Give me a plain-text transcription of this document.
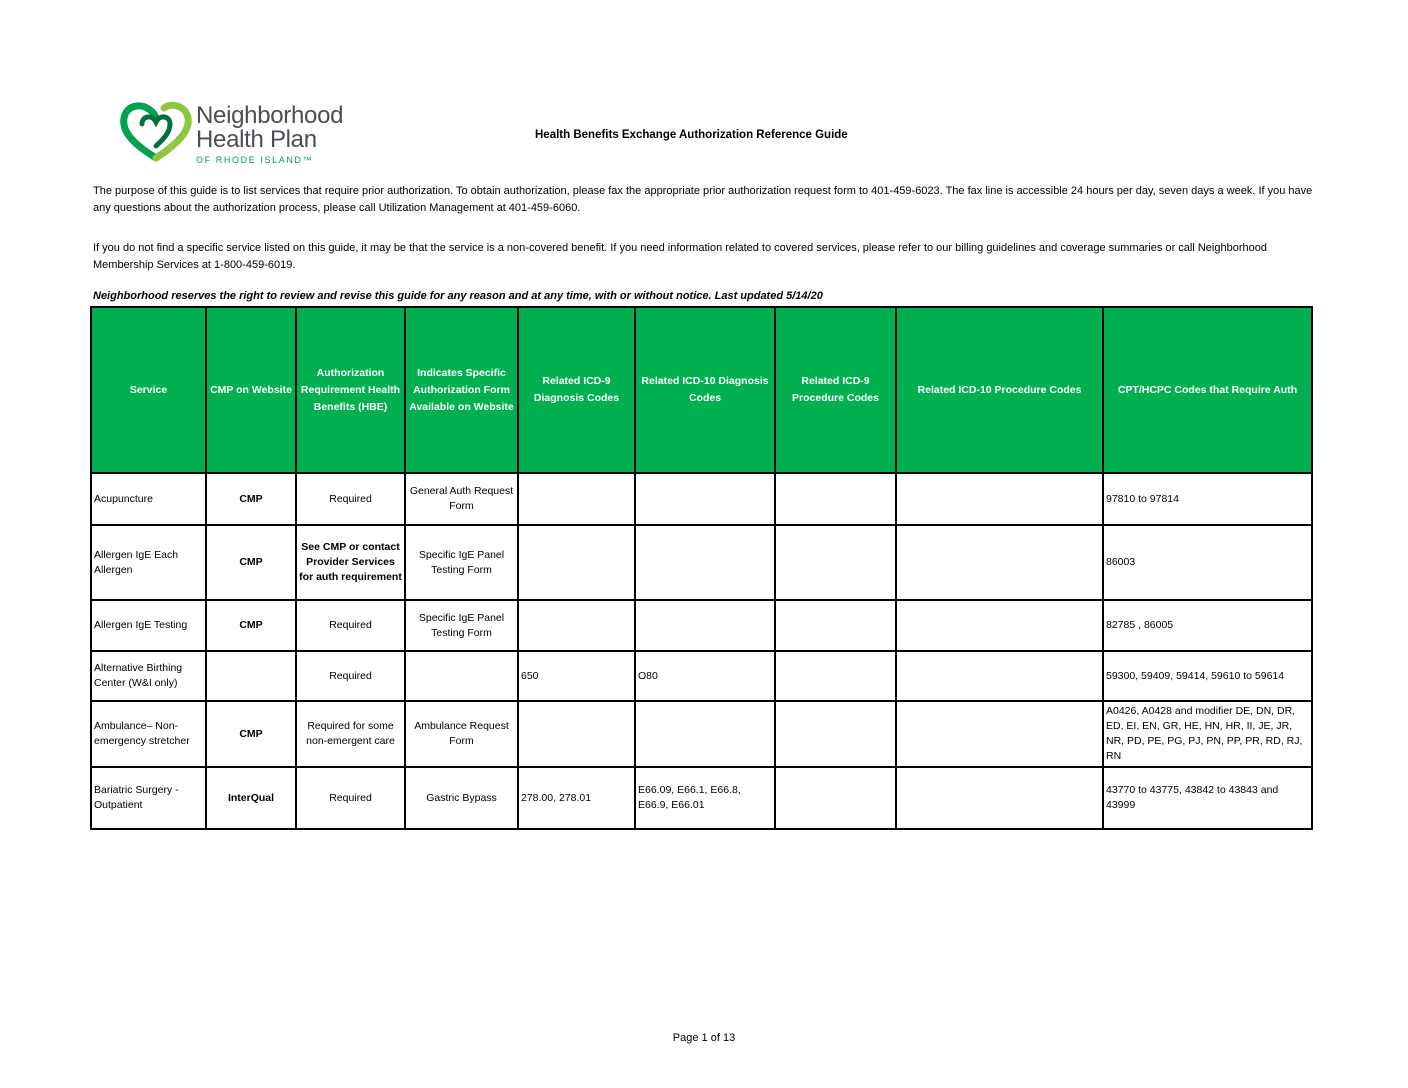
Neighborhood
Health Plan
OF RHODE ISLAND™
Health Benefits Exchange Authorization Reference Guide
The purpose of this guide is to list services that require prior authorization. To obtain authorization, please fax the appropriate prior authorization request form to 401-459-6023. The fax line is accessible 24 hours per day, seven days a week. If you have any questions about the authorization process, please call Utilization Management at 401-459-6060.
If you do not find a specific service listed on this guide, it may be that the service is a non-covered benefit. If you need information related to covered services, please refer to our billing guidelines and coverage summaries or call Neighborhood Membership Services at 1-800-459-6019.
Neighborhood reserves the right to review and revise this guide for any reason and at any time, with or without notice. Last updated 5/14/20
Service	CMP on Website	Authorization Requirement Health Benefits (HBE)	Indicates Specific Authorization Form Available on Website	Related ICD-9 Diagnosis Codes	Related ICD-10 Diagnosis Codes	Related ICD-9 Procedure Codes	Related ICD-10 Procedure Codes	CPT/HCPC Codes that Require Auth
Acupuncture	CMP	Required	General Auth Request Form					97810 to 97814
Allergen IgE Each Allergen	CMP	See CMP or contact Provider Services for auth requirement	Specific IgE Panel Testing Form					86003
Allergen IgE Testing	CMP	Required	Specific IgE Panel Testing Form					82785 , 86005
Alternative Birthing Center (W&I only)		Required		650	O80			59300, 59409, 59414, 59610 to 59614
Ambulance– Non-emergency stretcher	CMP	Required for some non-emergent care	Ambulance Request Form					A0426, A0428 and modifier DE, DN, DR, ED, EI, EN, GR, HE, HN, HR, II, JE, JR, NR, PD, PE, PG, PJ, PN, PP, PR, RD, RJ, RN
Bariatric Surgery - Outpatient	InterQual	Required	Gastric Bypass	278.00, 278.01	E66.09, E66.1, E66.8, E66.9, E66.01			43770 to 43775, 43842 to 43843 and 43999
Page 1 of 13
